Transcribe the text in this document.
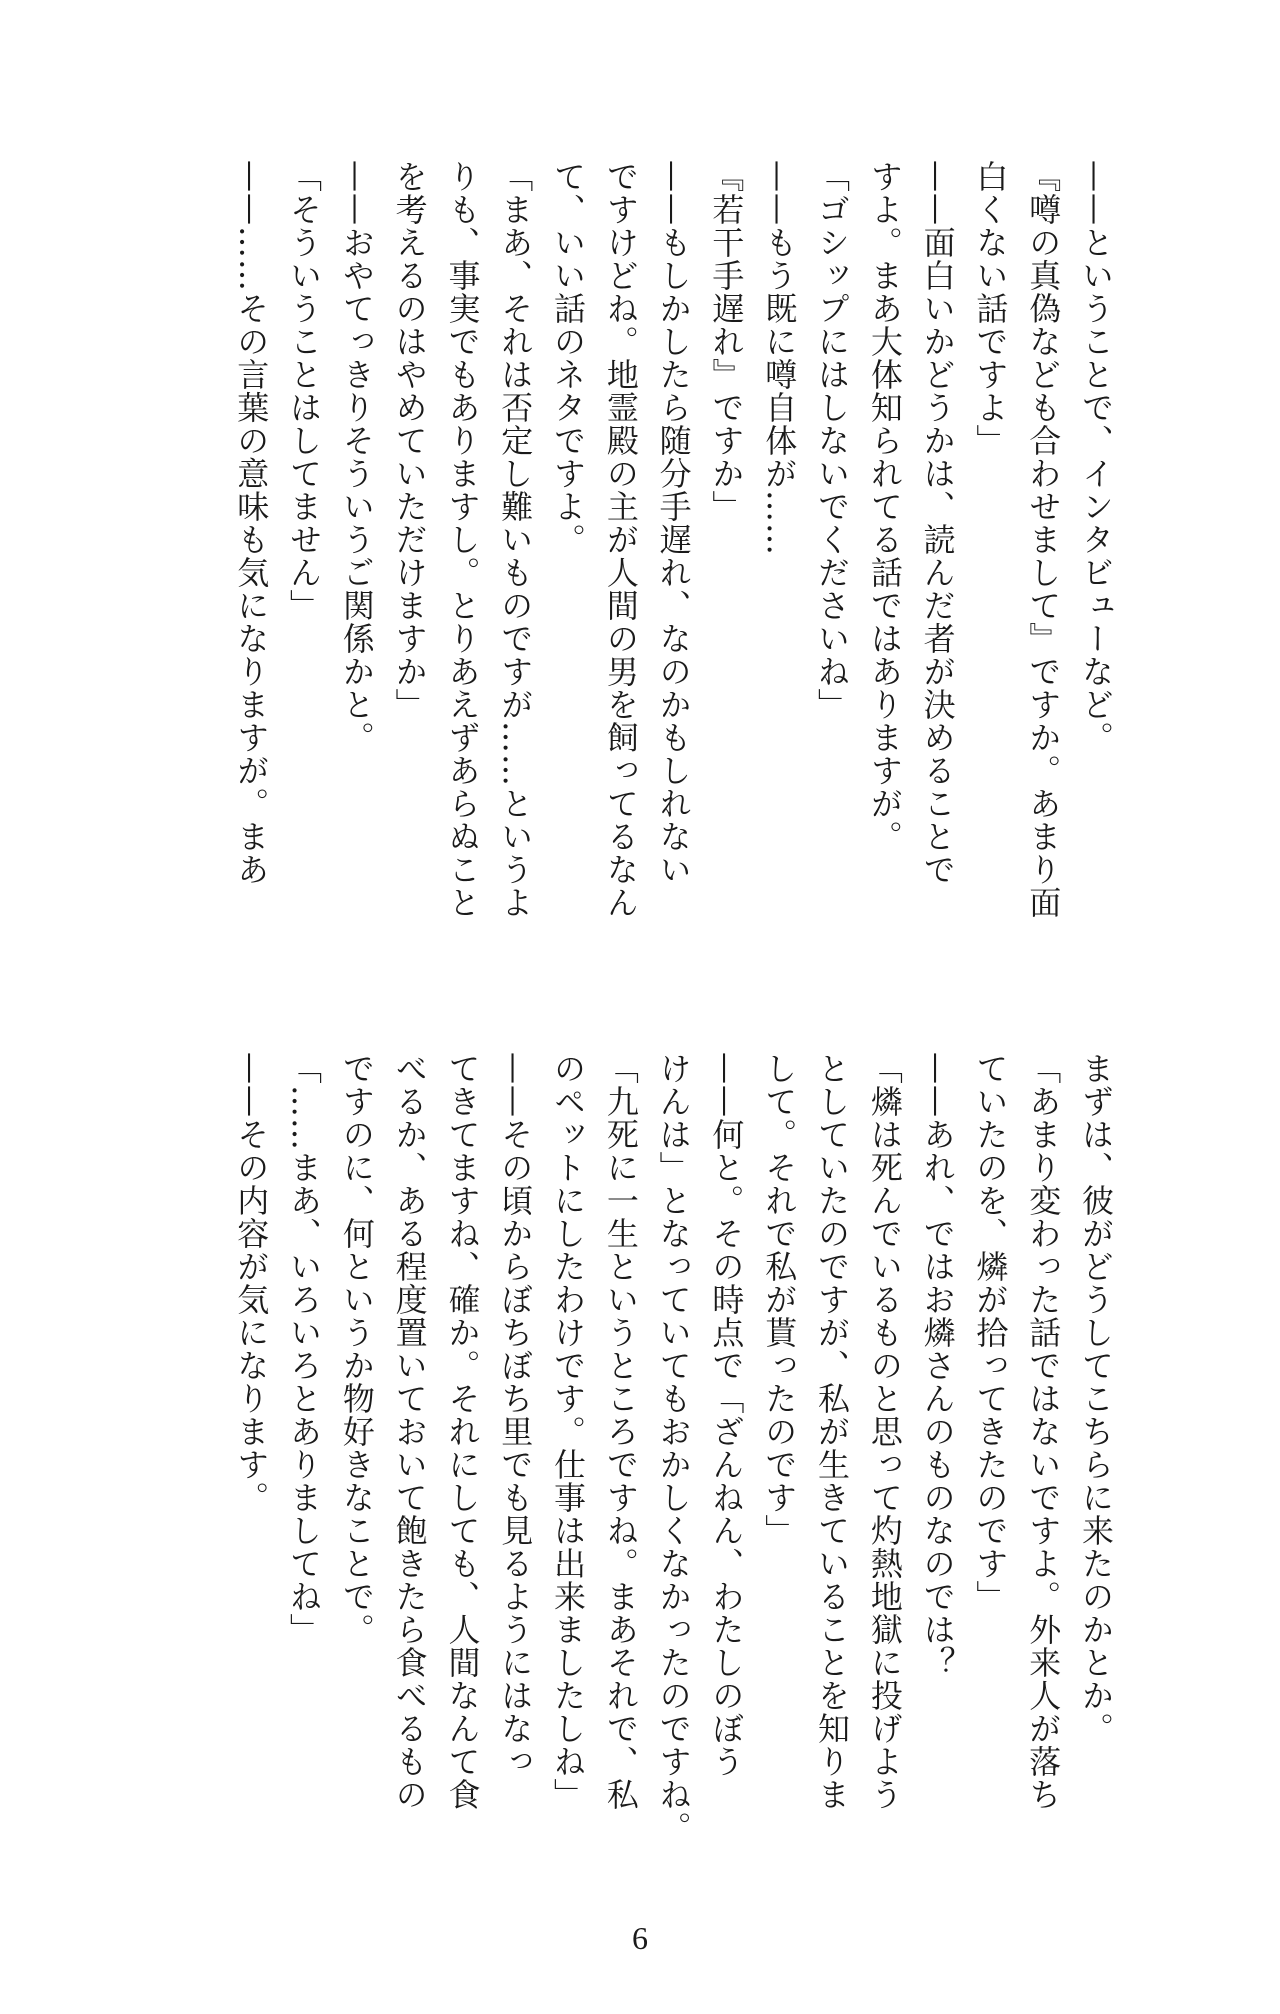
——ということで、インタビューなど。
『噂の真偽なども合わせまして』ですか。あまり面
白くない話ですよ」
——面白いかどうかは、読んだ者が決めることで
すよ。まあ大体知られてる話ではありますが。
「ゴシップにはしないでくださいね」
——もう既に噂自体が……
『若干手遅れ』ですか」
——もしかしたら随分手遅れ、なのかもしれない
ですけどね。地霊殿の主が人間の男を飼ってるなん
て、いい話のネタですよ。
「まあ、それは否定し難いものですが……というよ
りも、事実でもありますし。とりあえずあらぬこと
を考えるのはやめていただけますか」
——おやてっきりそういうご関係かと。
「そういうことはしてません」
——……その言葉の意味も気になりますが。まあ
まずは、彼がどうしてこちらに来たのかとか。
「あまり変わった話ではないですよ。外来人が落ち
ていたのを、燐が拾ってきたのです」
——あれ、ではお燐さんのものなのでは？
「燐は死んでいるものと思って灼熱地獄に投げよう
としていたのですが、私が生きていることを知りま
して。それで私が貰ったのです」
——何と。その時点で「ざんねん、わたしのぼう
けんは」となっていてもおかしくなかったのですね。
「九死に一生というところですね。まあそれで、私
のペットにしたわけです。仕事は出来ましたしね」
——その頃からぼちぼち里でも見るようにはなっ
てきてますね、確か。それにしても、人間なんて食
べるか、ある程度置いておいて飽きたら食べるもの
ですのに、何というか物好きなことで。
「……まあ、いろいろとありましてね」
——その内容が気になります。
6
